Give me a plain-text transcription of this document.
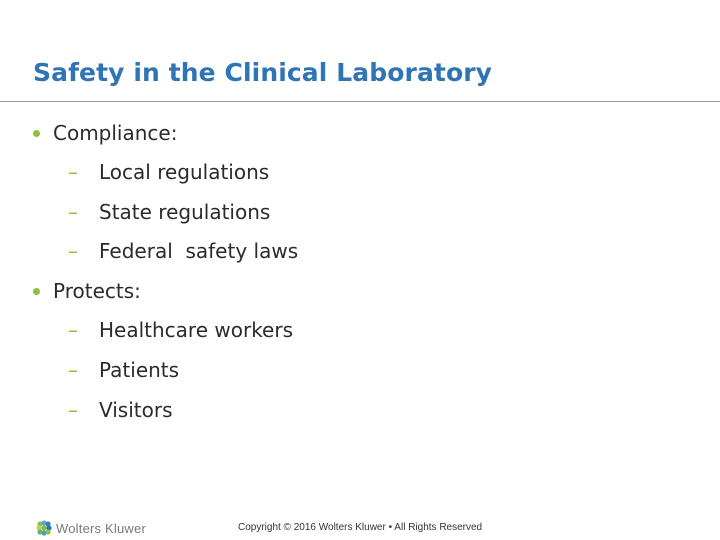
Safety in the Clinical Laboratory
Compliance:
– Local regulations
– State regulations
– Federal  safety laws
Protects:
– Healthcare workers
– Patients
– Visitors
Wolters Kluwer	Copyright © 2016 Wolters Kluwer • All Rights Reserved
